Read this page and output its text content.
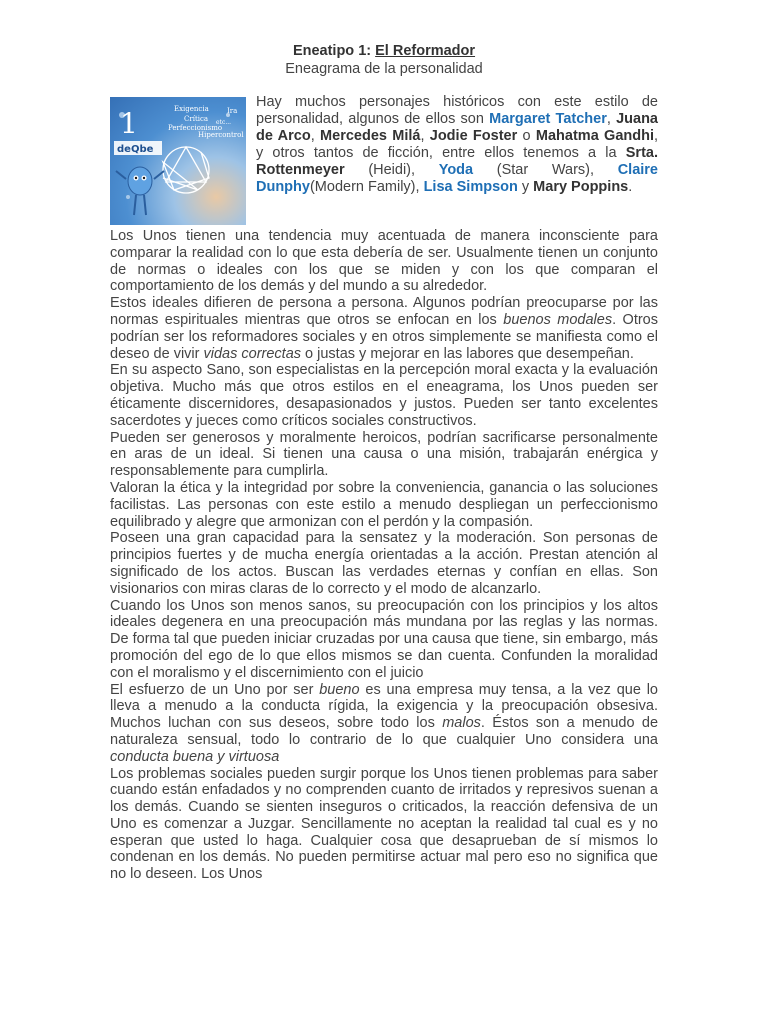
Eneatipo 1: El Reformador
Eneagrama de la personalidad
1	Exigencia	Ira
Crítica etc...
Perfeccionismo
Hipercontrol
deQbe
Hay muchos personajes históricos con este estilo de personalidad, algunos de ellos son Margaret Tatcher, Juana de Arco, Mercedes Milá, Jodie Foster o Mahatma Gandhi, y otros tantos de ficción, entre ellos tenemos a la Srta. Rottenmeyer (Heidi), Yoda (Star Wars), Claire Dunphy(Modern Family), Lisa Simpson y Mary Poppins.

Los Unos tienen una tendencia muy acentuada de manera inconsciente para comparar la realidad con lo que esta debería de ser. Usualmente tienen un conjunto de normas o ideales con los que se miden y con los que comparan el comportamiento de los demás y del mundo a su alrededor.

Estos ideales difieren de persona a persona. Algunos podrían preocuparse por las normas espirituales mientras que otros se enfocan en los buenos modales. Otros podrían ser los reformadores sociales y en otros simplemente se manifiesta como el deseo de vivir vidas correctas o justas y mejorar en las labores que desempeñan.

En su aspecto Sano, son especialistas en la percepción moral exacta y la evaluación objetiva. Mucho más que otros estilos en el eneagrama, los Unos pueden ser éticamente discernidores, desapasionados y justos. Pueden ser tanto excelentes sacerdotes y jueces como críticos sociales constructivos.

Pueden ser generosos y moralmente heroicos, podrían sacrificarse personalmente en aras de un ideal. Si tienen una causa o una misión, trabajarán enérgica y responsablemente para cumplirla.

Valoran la ética y la integridad por sobre la conveniencia, ganancia o las soluciones facilistas. Las personas con este estilo a menudo despliegan un perfeccionismo equilibrado y alegre que armonizan con el perdón y la compasión.

Poseen una gran capacidad para la sensatez y la moderación. Son personas de principios fuertes y de mucha energía orientadas a la acción. Prestan atención al significado de los actos. Buscan las verdades eternas y confían en ellas. Son visionarios con miras claras de lo correcto y el modo de alcanzarlo.

Cuando los Unos son menos sanos, su preocupación con los principios y los altos ideales degenera en una preocupación más mundana por las reglas y las normas. De forma tal que pueden iniciar cruzadas por una causa que tiene, sin embargo, más promoción del ego de lo que ellos mismos se dan cuenta. Confunden la moralidad con el moralismo y el discernimiento con el juicio

El esfuerzo de un Uno por ser bueno es una empresa muy tensa, a la vez que lo lleva a menudo a la conducta rígida, la exigencia y la preocupación obsesiva. Muchos luchan con sus deseos, sobre todo los malos. Éstos son a menudo de naturaleza sensual, todo lo contrario de lo que cualquier Uno considera una conducta buena y virtuosa

Los problemas sociales pueden surgir porque los Unos tienen problemas para saber cuando están enfadados y no comprenden cuanto de irritados y represivos suenan a los demás. Cuando se sienten inseguros o criticados, la reacción defensiva de un Uno es comenzar a Juzgar. Sencillamente no aceptan la realidad tal cual es y no esperan que usted lo haga. Cualquier cosa que desaprueban de sí mismos lo condenan en los demás. No pueden permitirse actuar mal pero eso no significa que no lo deseen. Los Unos
